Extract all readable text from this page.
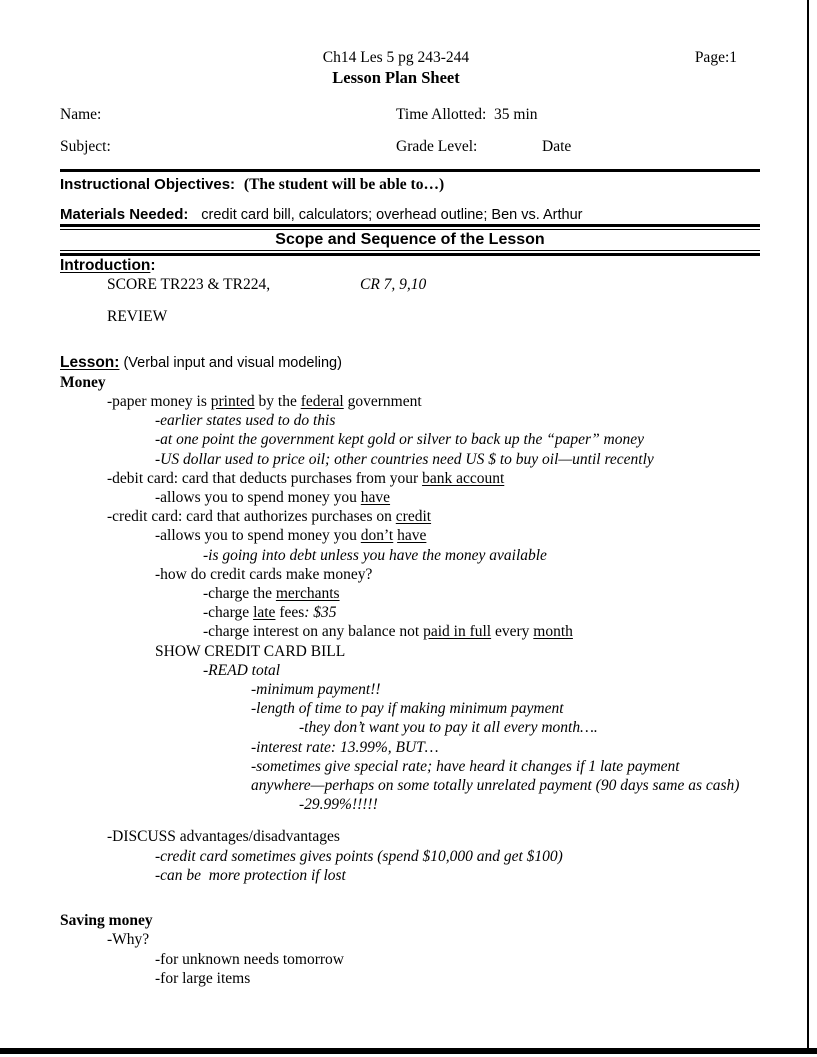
Ch14 Les 5 pg 243-244	Page:1
Lesson Plan Sheet
Name:	Time Allotted:  35 min
Subject:	Grade Level:	Date
Instructional Objectives: (The student will be able to…)
Materials Needed: credit card bill, calculators; overhead outline; Ben vs. Arthur
Scope and Sequence of the Lesson
Introduction:
SCORE TR223 & TR224,	CR 7, 9,10
REVIEW
Lesson: (Verbal input and visual modeling)
Money
-paper money is printed by the federal government
-earlier states used to do this
-at one point the government kept gold or silver to back up the “paper” money
-US dollar used to price oil; other countries need US $ to buy oil—until recently
-debit card: card that deducts purchases from your bank account
-allows you to spend money you have
-credit card: card that authorizes purchases on credit
-allows you to spend money you don’t have
-is going into debt unless you have the money available
-how do credit cards make money?
-charge the merchants
-charge late fees: $35
-charge interest on any balance not paid in full every month
SHOW CREDIT CARD BILL
-READ total
-minimum payment!!
-length of time to pay if making minimum payment
-they don’t want you to pay it all every month….
-interest rate: 13.99%, BUT…
-sometimes give special rate; have heard it changes if 1 late payment
anywhere—perhaps on some totally unrelated payment (90 days same as cash)
-29.99%!!!!!
-DISCUSS advantages/disadvantages
-credit card sometimes gives points (spend $10,000 and get $100)
-can be  more protection if lost
Saving money
-Why?
-for unknown needs tomorrow
-for large items
